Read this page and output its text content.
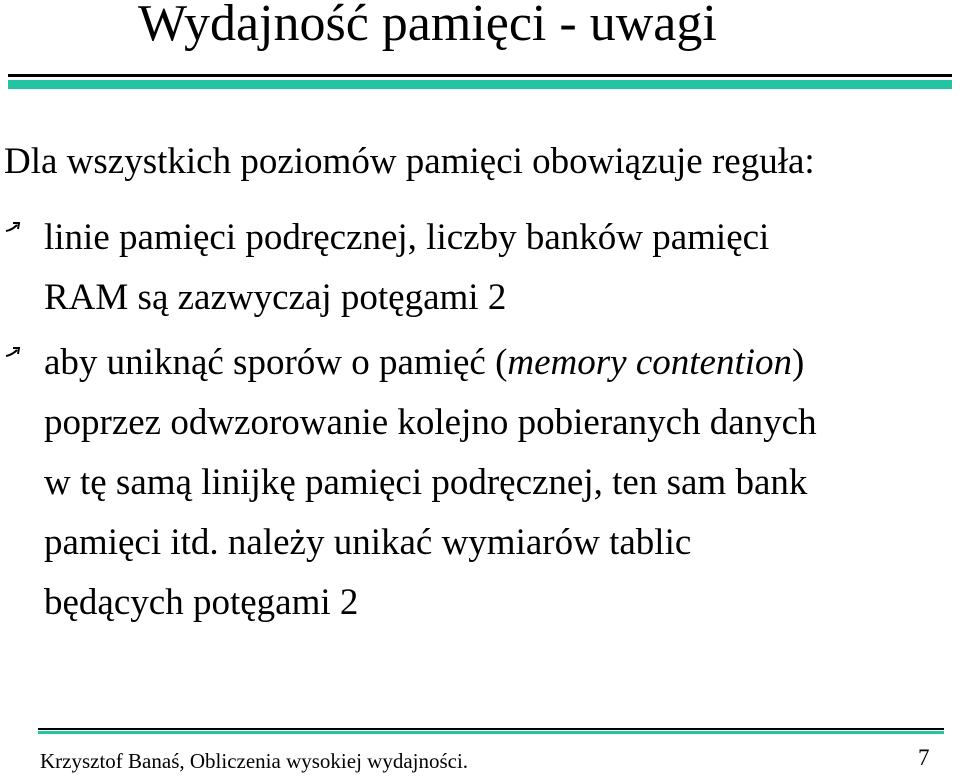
Wydajność pamięci - uwagi
Dla wszystkich poziomów pamięci obowiązuje reguła:
linie pamięci podręcznej, liczby banków pamięci
RAM są zazwyczaj potęgami 2
aby uniknąć sporów o pamięć (memory contention)
poprzez odwzorowanie kolejno pobieranych danych
w tę samą linijkę pamięci podręcznej, ten sam bank
pamięci itd. należy unikać wymiarów tablic
będących potęgami 2
Krzysztof Banaś, Obliczenia wysokiej wydajności.	7
